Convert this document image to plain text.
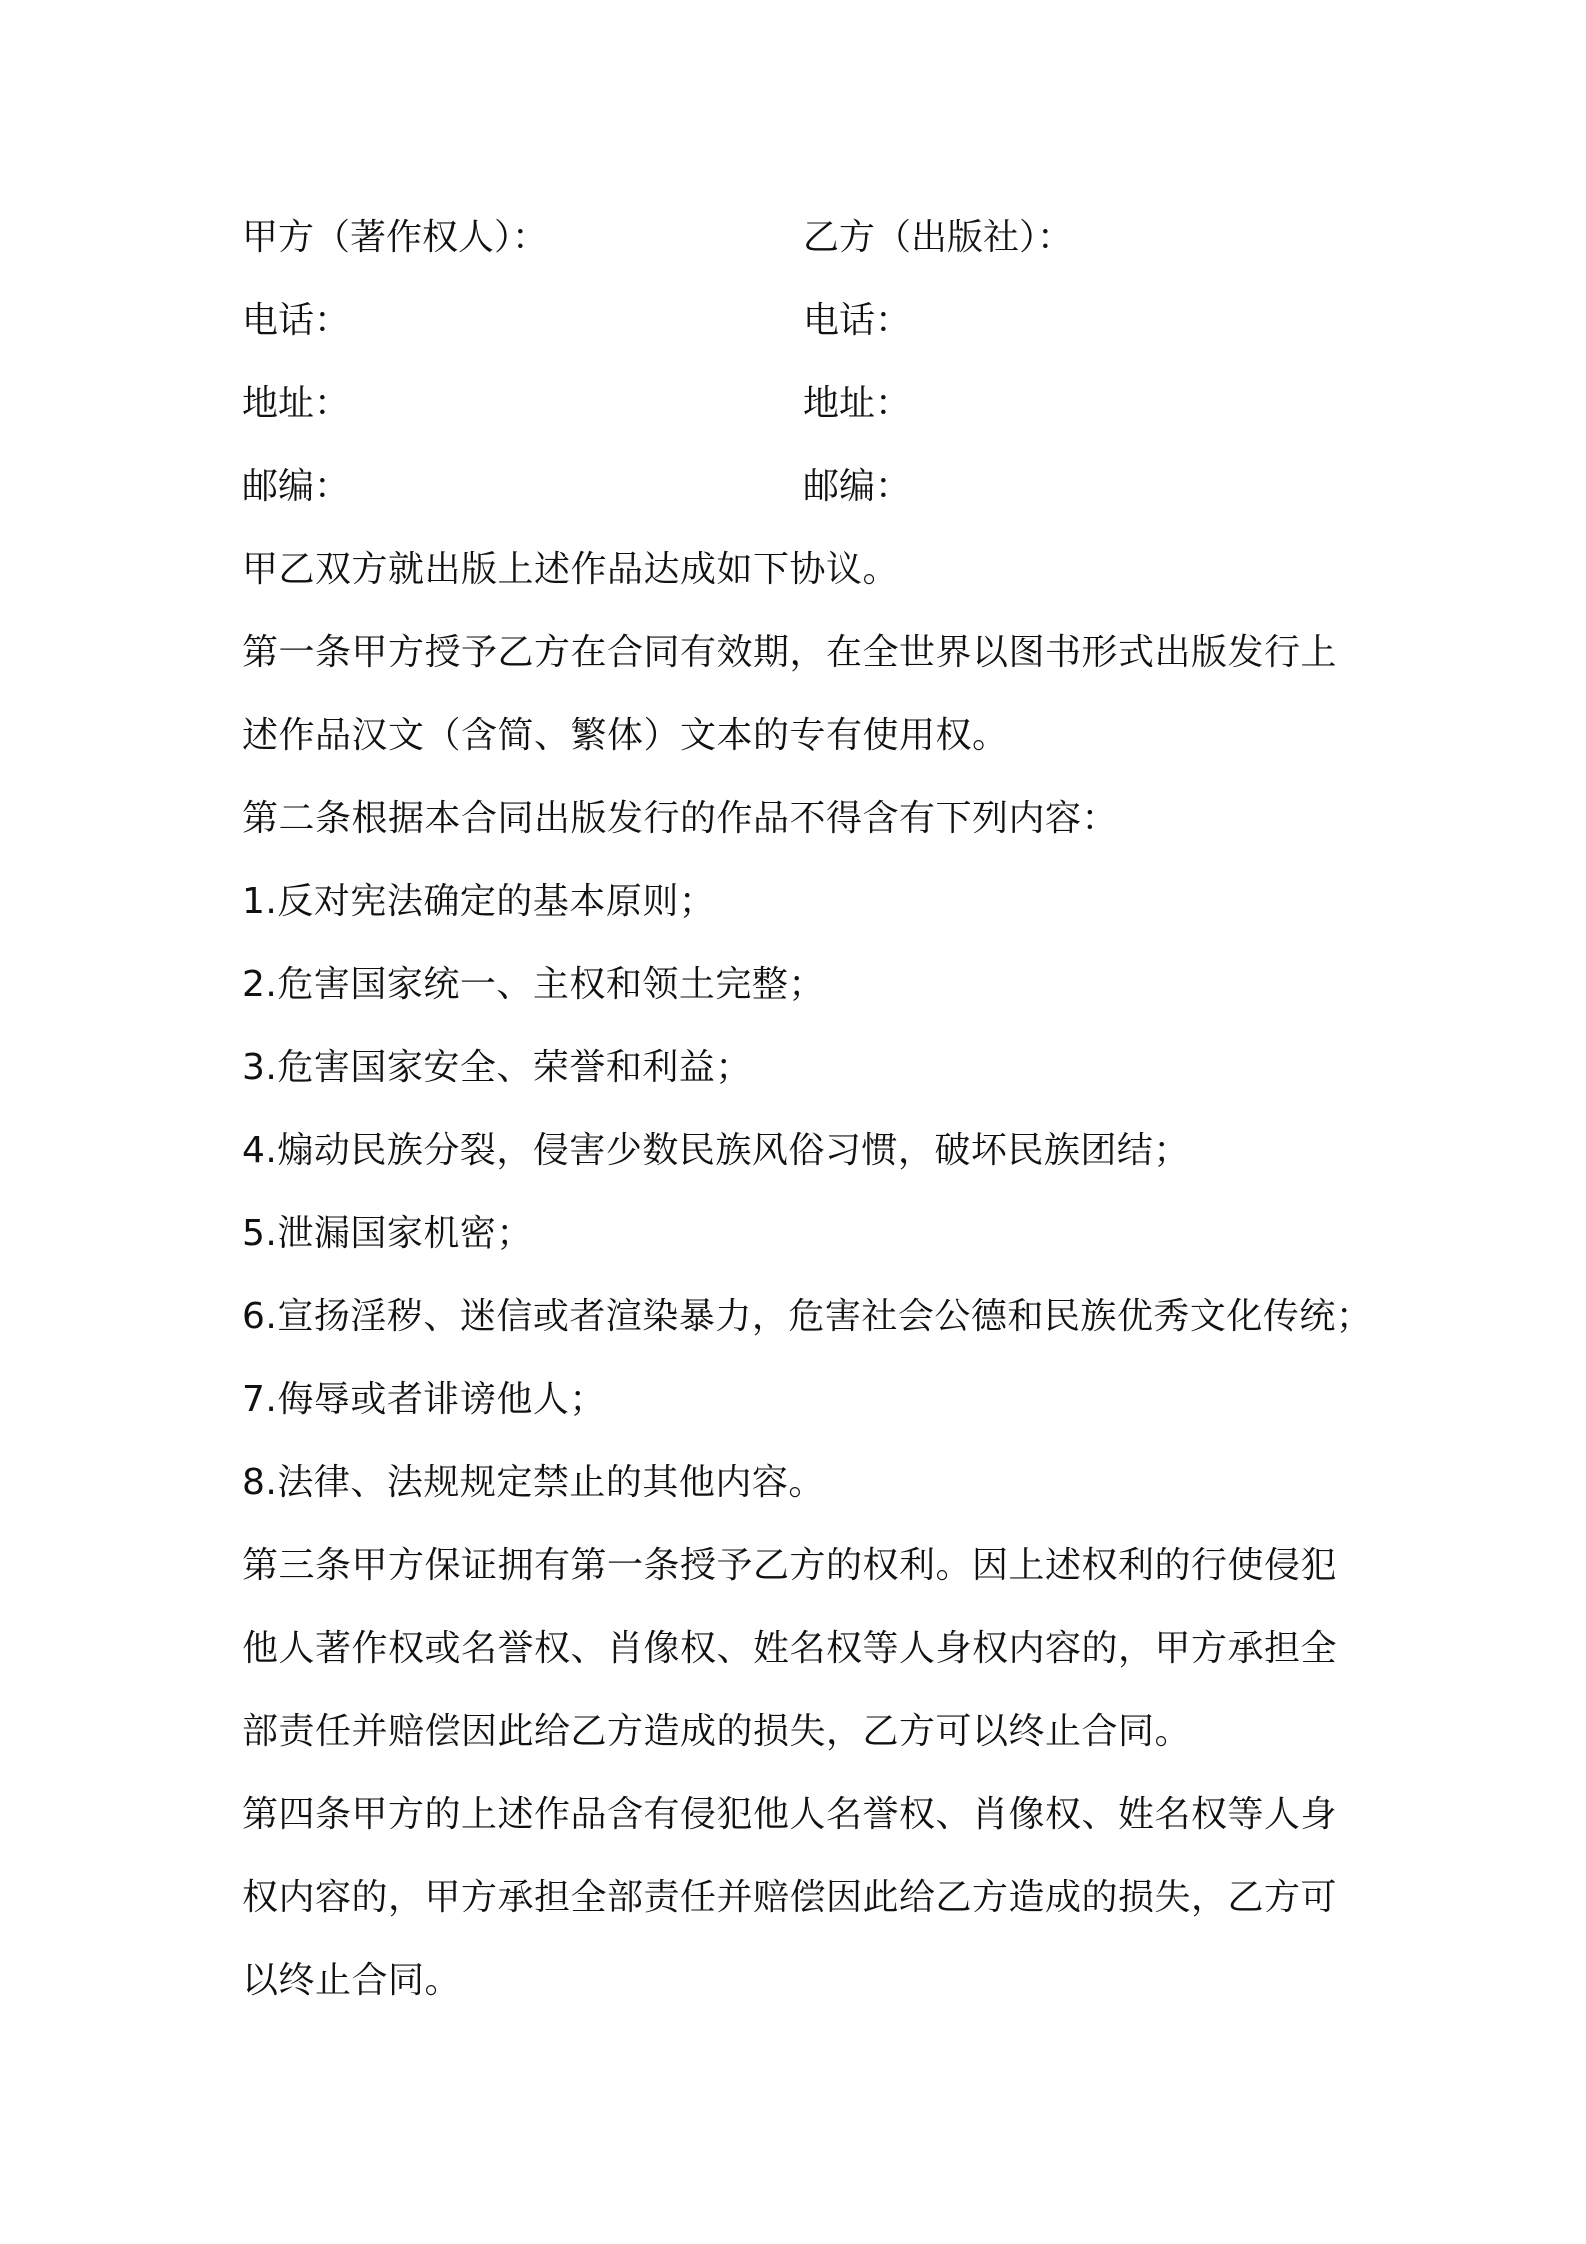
甲方（著作权人）：	乙方（出版社）：
电话：	电话：
地址：	地址：
邮编：	邮编：

甲乙双方就出版上述作品达成如下协议。

第一条甲方授予乙方在合同有效期，在全世界以图书形式出版发行上
述作品汉文（含简、繁体）文本的专有使用权。

第二条根据本合同出版发行的作品不得含有下列内容：

1.反对宪法确定的基本原则；

2.危害国家统一、主权和领土完整；

3.危害国家安全、荣誉和利益；

4.煽动民族分裂，侵害少数民族风俗习惯，破坏民族团结；

5.泄漏国家机密；

6.宣扬淫秽、迷信或者渲染暴力，危害社会公德和民族优秀文化传统；

7.侮辱或者诽谤他人；

8.法律、法规规定禁止的其他内容。

第三条甲方保证拥有第一条授予乙方的权利。因上述权利的行使侵犯
他人著作权或名誉权、肖像权、姓名权等人身权内容的，甲方承担全
部责任并赔偿因此给乙方造成的损失，乙方可以终止合同。

第四条甲方的上述作品含有侵犯他人名誉权、肖像权、姓名权等人身
权内容的，甲方承担全部责任并赔偿因此给乙方造成的损失，乙方可
以终止合同。
